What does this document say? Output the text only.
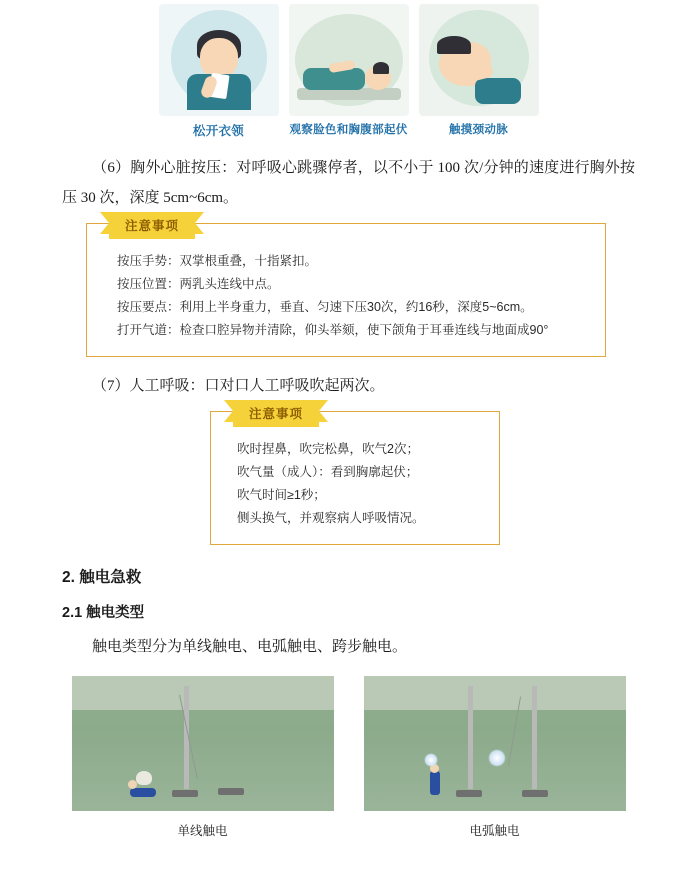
松开衣领	观察脸色和胸腹部起伏	触摸颈动脉

（6）胸外心脏按压：对呼吸心跳骤停者，以不小于 100 次/分钟的速度进行胸外按压 30 次，深度 5cm~6cm。

注意事项
按压手势：双掌根重叠，十指紧扣。
按压位置：两乳头连线中点。
按压要点：利用上半身重力，垂直、匀速下压30次，约16秒，深度5~6cm。
打开气道：检查口腔异物并清除，仰头举颏，使下颌角于耳垂连线与地面成90°

（7）人工呼吸：口对口人工呼吸吹起两次。

注意事项
吹时捏鼻，吹完松鼻，吹气2次；
吹气量（成人）：看到胸廓起伏；
吹气时间≥1秒；
侧头换气，并观察病人呼吸情况。
2. 触电急救
2.1 触电类型

触电类型分为单线触电、电弧触电、跨步触电。

单线触电	电弧触电
